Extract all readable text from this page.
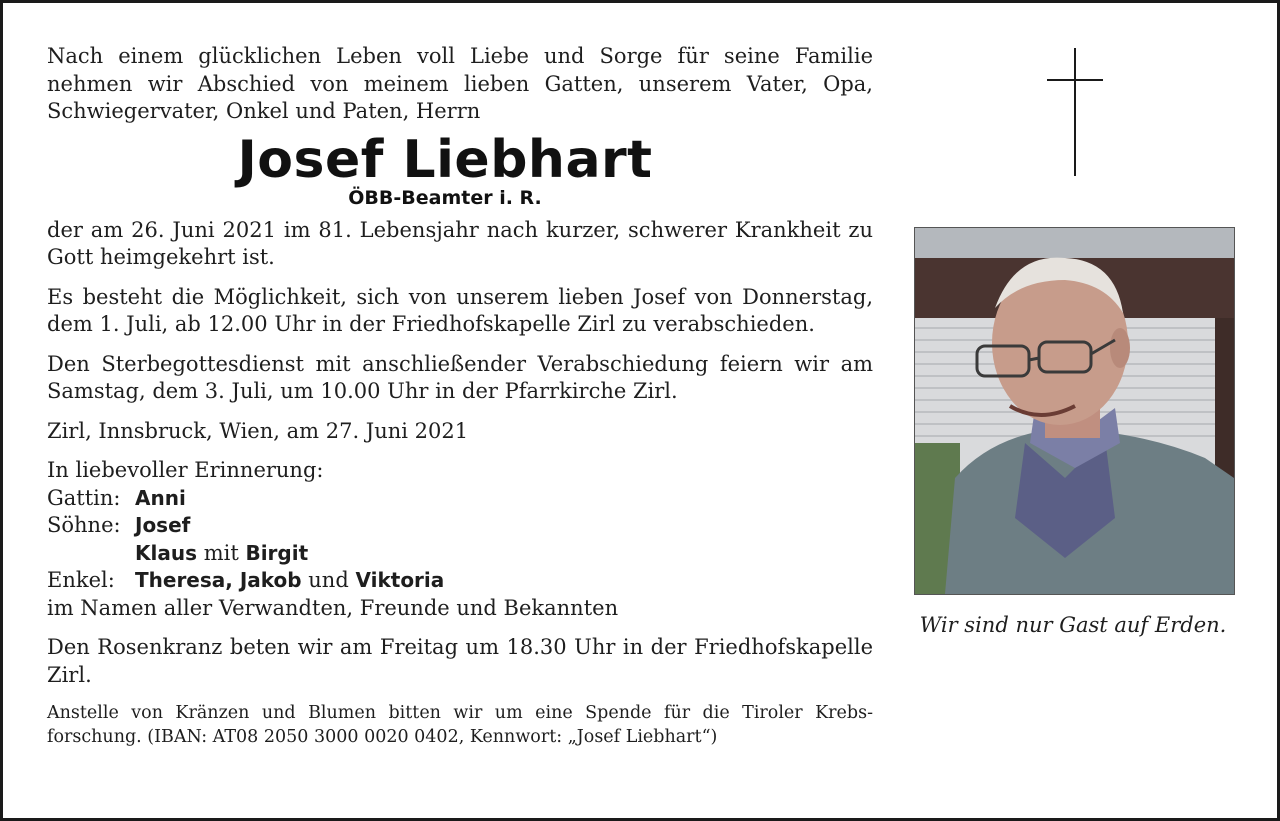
Nach einem glücklichen Leben voll Liebe und Sorge für seine Familie

nehmen wir Abschied von meinem lieben Gatten, unserem Vater, Opa,

Schwiegervater, Onkel und Paten, Herrn

Josef Liebhart
ÖBB-Beamter i. R.

der am 26. Juni 2021 im 81. Lebensjahr nach kurzer, schwerer Krankheit zu Gott heimgekehrt ist.

Es besteht die Möglichkeit, sich von unserem lieben Josef von Donnerstag, dem 1. Juli, ab 12.00 Uhr in der Friedhofskapelle Zirl zu verabschieden.

Den Sterbegottesdienst mit anschließender Verabschiedung feiern wir am Samstag, dem 3. Juli, um 10.00 Uhr in der Pfarrkirche Zirl.

Zirl, Innsbruck, Wien, am 27. Juni 2021

In liebevoller Erinnerung:

Gattin: Anni
Söhne: Josef
Klaus mit Birgit
Enkel:	Theresa, Jakob und Viktoria

im Namen aller Verwandten, Freunde und Bekannten

Den Rosenkranz beten wir am Freitag um 18.30 Uhr in der Friedhofskapelle Zirl.

Anstelle von Kränzen und Blumen bitten wir um eine Spende für die Tiroler Krebs-

forschung. (IBAN: AT08 2050 3000 0020 0402, Kennwort: „Josef Liebhart“)

Wir sind nur Gast auf Erden.
